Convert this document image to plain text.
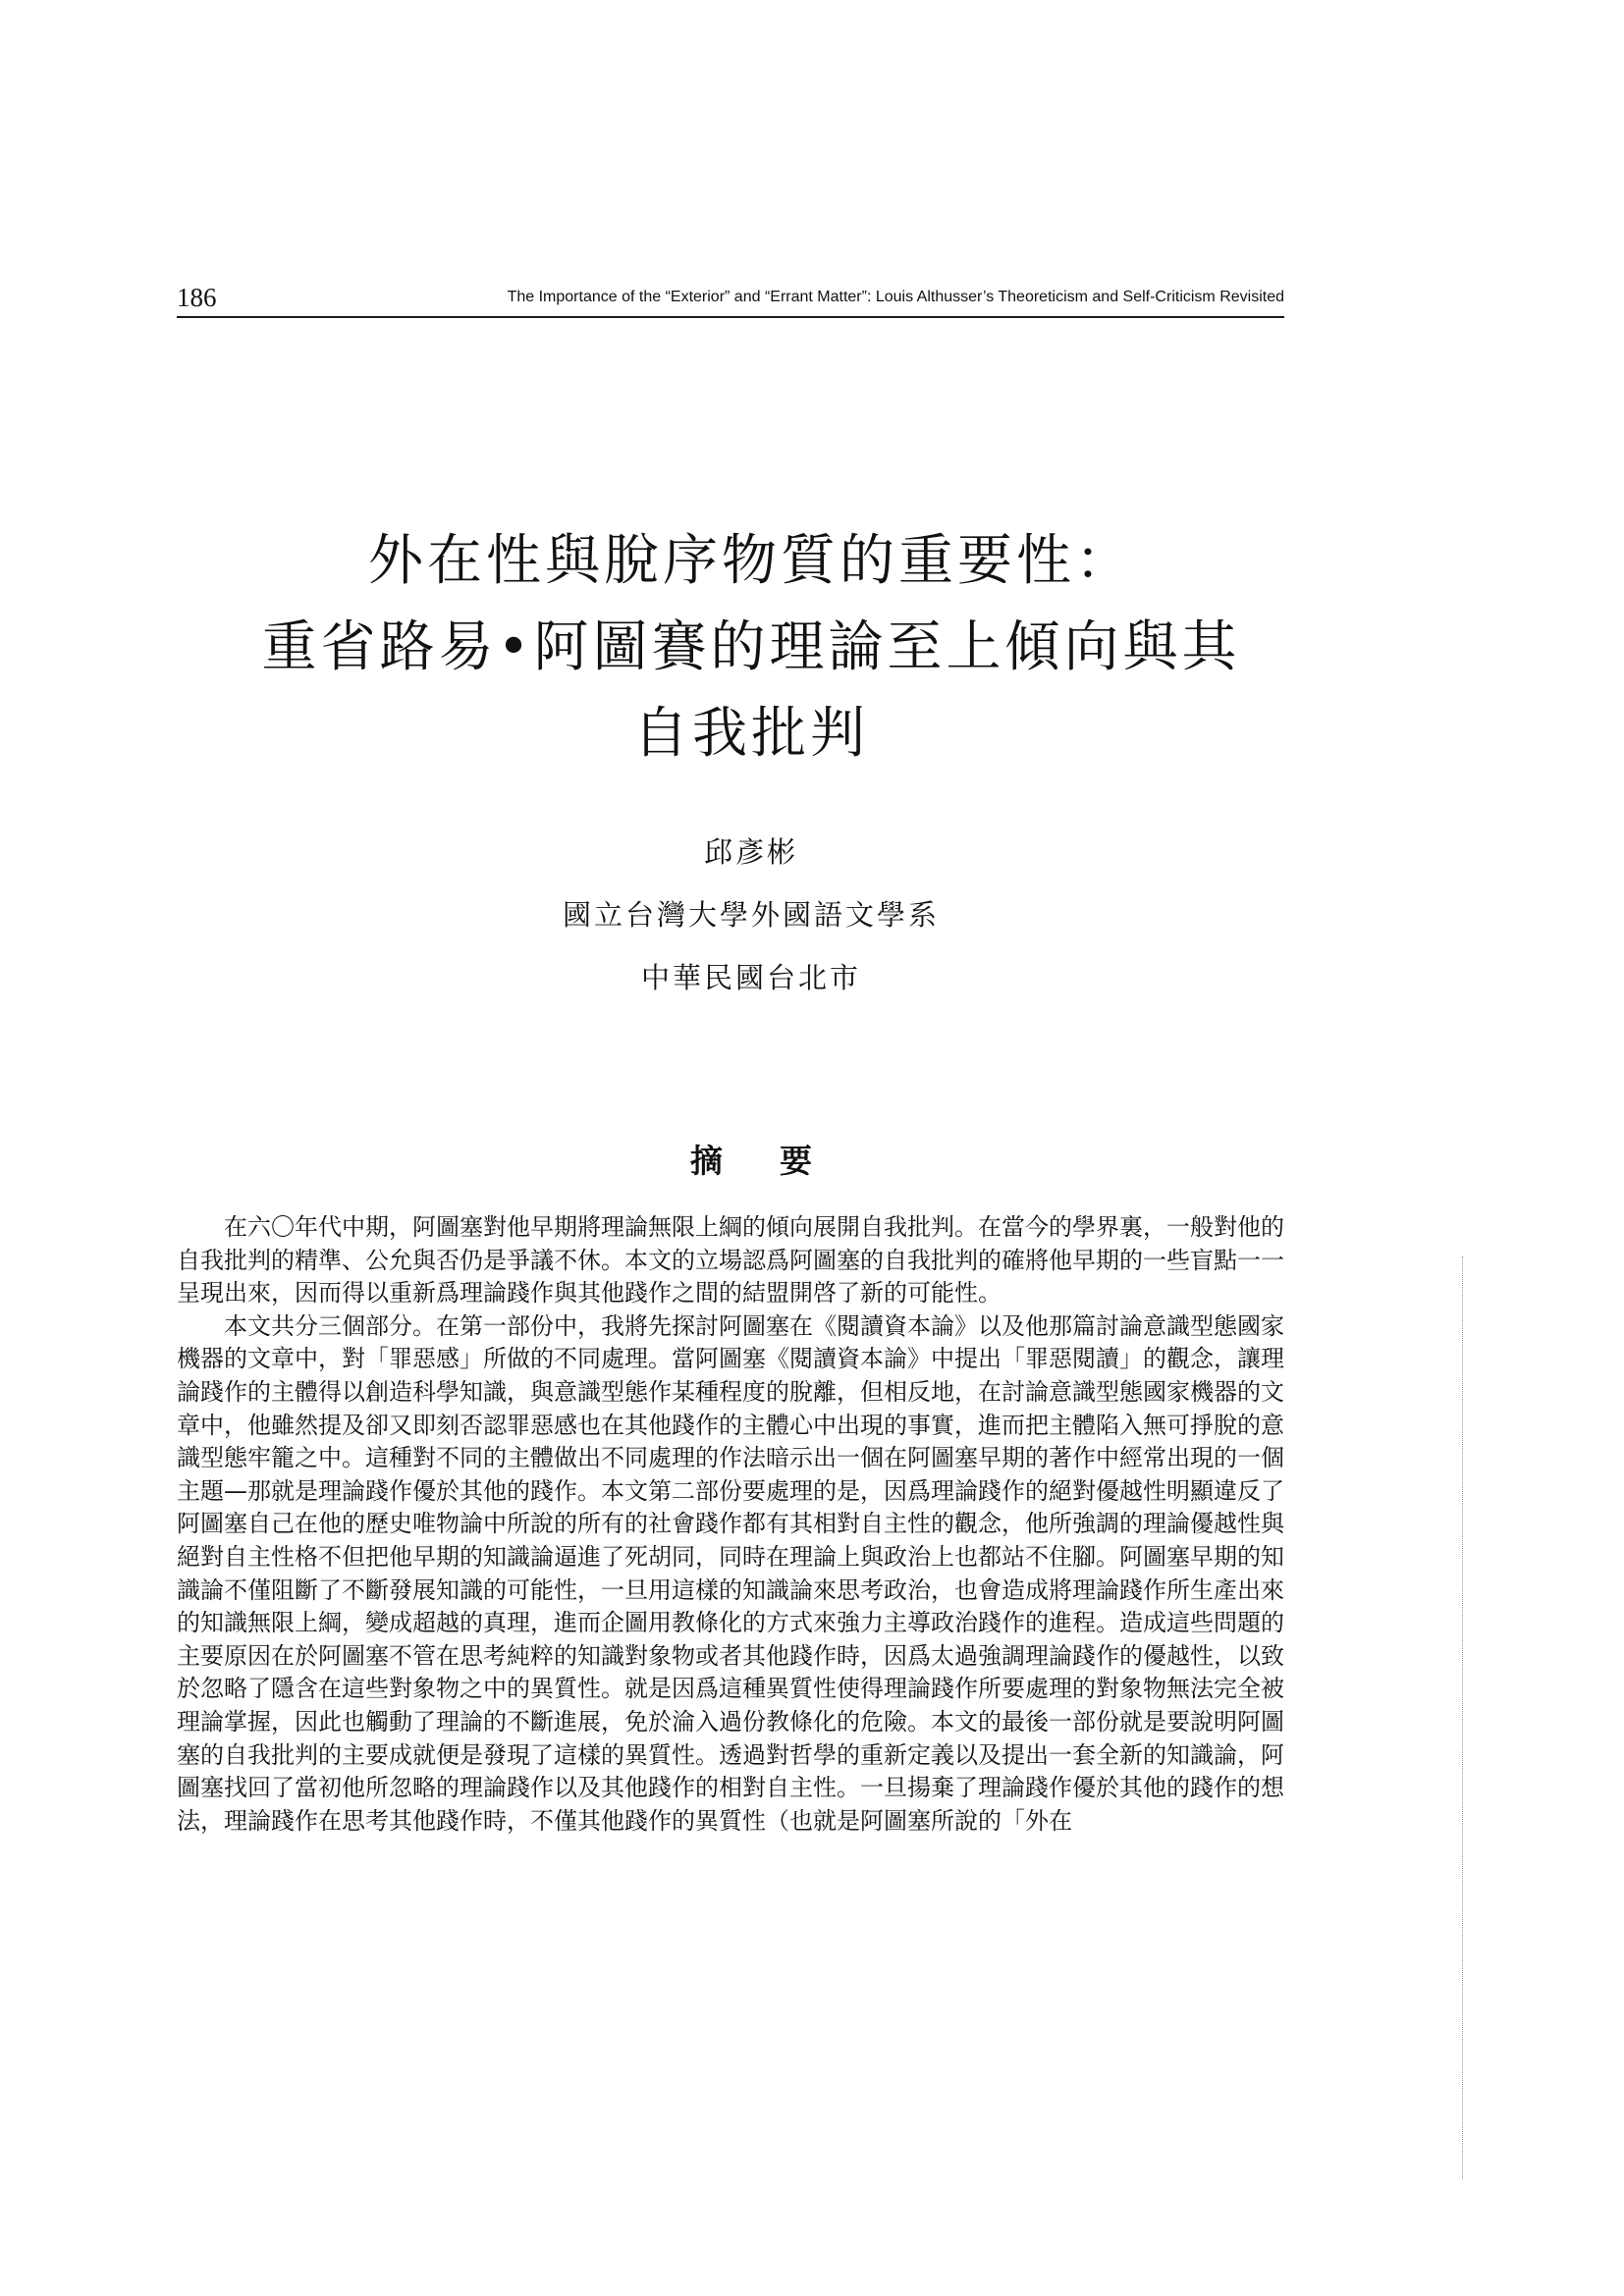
186	The Importance of the “Exterior” and “Errant Matter”: Louis Althusser’s Theoreticism and Self-Criticism Revisited
外在性與脫序物質的重要性：
重省路易•阿圖賽的理論至上傾向與其
自我批判
邱彥彬
國立台灣大學外國語文學系
中華民國台北市
摘要

在六〇年代中期，阿圖塞對他早期將理論無限上綱的傾向展開自我批判。在當今的學界裏，一般對他的自我批判的精準、公允與否仍是爭議不休。本文的立場認爲阿圖塞的自我批判的確將他早期的一些盲點一一呈現出來，因而得以重新爲理論踐作與其他踐作之間的結盟開啓了新的可能性。

本文共分三個部分。在第一部份中，我將先探討阿圖塞在《閱讀資本論》以及他那篇討論意識型態國家機器的文章中，對「罪惡感」所做的不同處理。當阿圖塞《閱讀資本論》中提出「罪惡閱讀」的觀念，讓理論踐作的主體得以創造科學知識，與意識型態作某種程度的脫離，但相反地，在討論意識型態國家機器的文章中，他雖然提及卻又即刻否認罪惡感也在其他踐作的主體心中出現的事實，進而把主體陷入無可掙脫的意識型態牢籠之中。這種對不同的主體做出不同處理的作法暗示出一個在阿圖塞早期的著作中經常出現的一個主題—那就是理論踐作優於其他的踐作。本文第二部份要處理的是，因爲理論踐作的絕對優越性明顯違反了阿圖塞自己在他的歷史唯物論中所說的所有的社會踐作都有其相對自主性的觀念，他所強調的理論優越性與絕對自主性格不但把他早期的知識論逼進了死胡同，同時在理論上與政治上也都站不住腳。阿圖塞早期的知識論不僅阻斷了不斷發展知識的可能性，一旦用這樣的知識論來思考政治，也會造成將理論踐作所生產出來的知識無限上綱，變成超越的真理，進而企圖用教條化的方式來強力主導政治踐作的進程。造成這些問題的主要原因在於阿圖塞不管在思考純粹的知識對象物或者其他踐作時，因爲太過強調理論踐作的優越性，以致於忽略了隱含在這些對象物之中的異質性。就是因爲這種異質性使得理論踐作所要處理的對象物無法完全被理論掌握，因此也觸動了理論的不斷進展，免於淪入過份教條化的危險。本文的最後一部份就是要說明阿圖塞的自我批判的主要成就便是發現了這樣的異質性。透過對哲學的重新定義以及提出一套全新的知識論，阿圖塞找回了當初他所忽略的理論踐作以及其他踐作的相對自主性。一旦揚棄了理論踐作優於其他的踐作的想法，理論踐作在思考其他踐作時，不僅其他踐作的異質性（也就是阿圖塞所說的「外在
